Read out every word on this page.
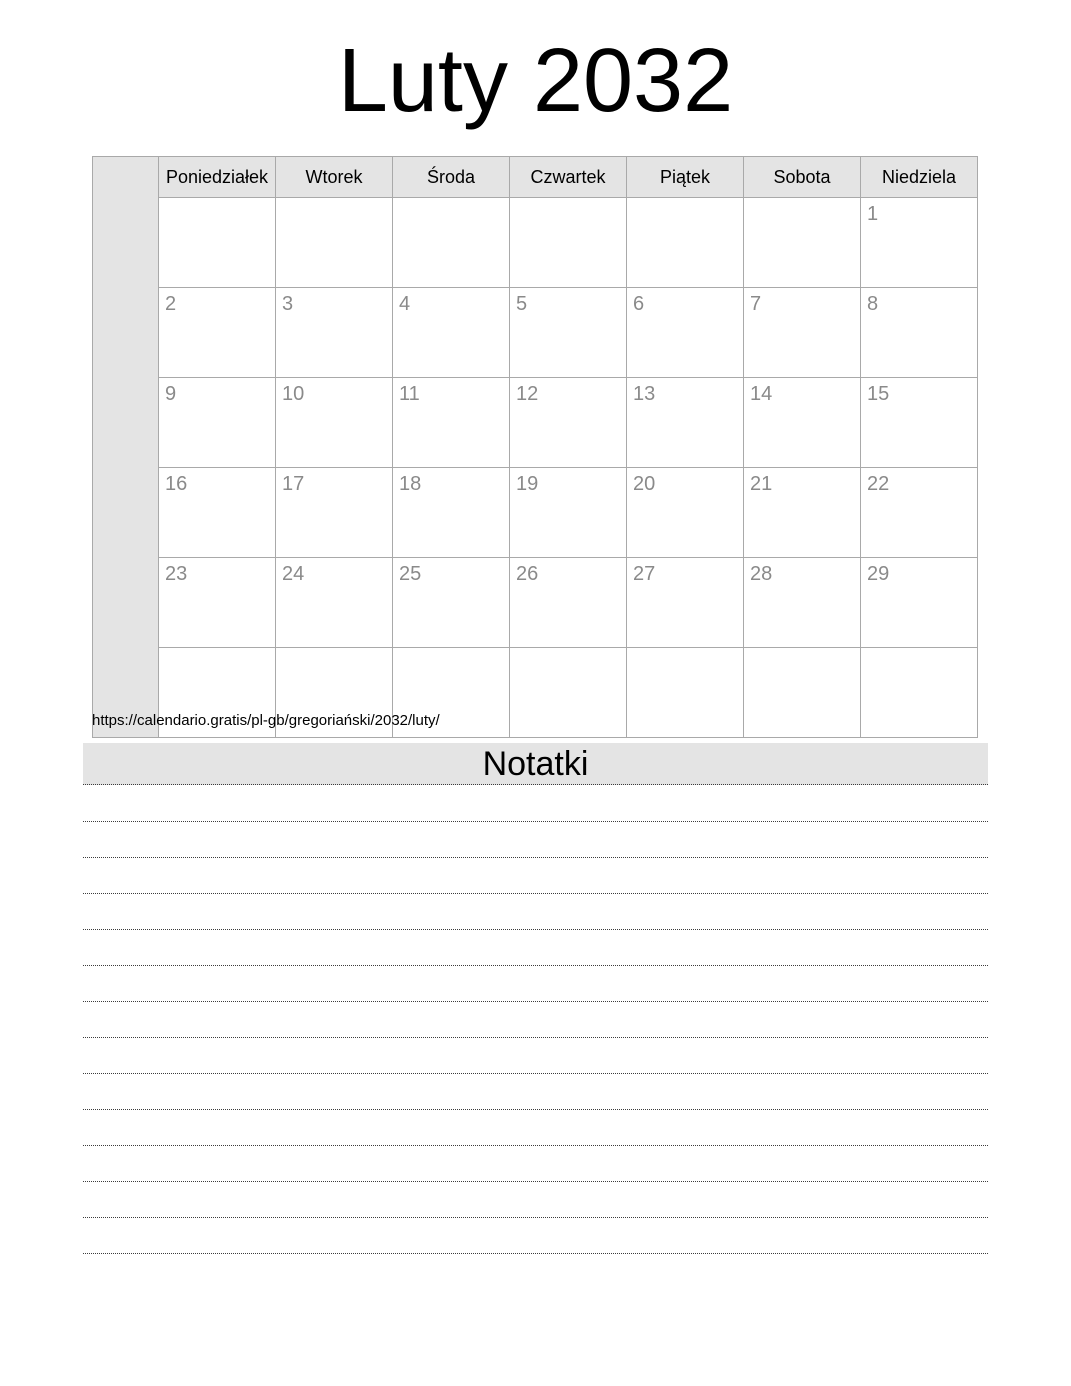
Luty 2032
	Poniedziałek	Wtorek	Środa	Czwartek	Piątek	Sobota	Niedziela
							1
	2	3	4	5	6	7	8
	9	10	11	12	13	14	15
	16	17	18	19	20	21	22
	23	24	25	26	27	28	29

https://calendario.gratis/pl-gb/gregoriański/2032/luty/
Notatki
